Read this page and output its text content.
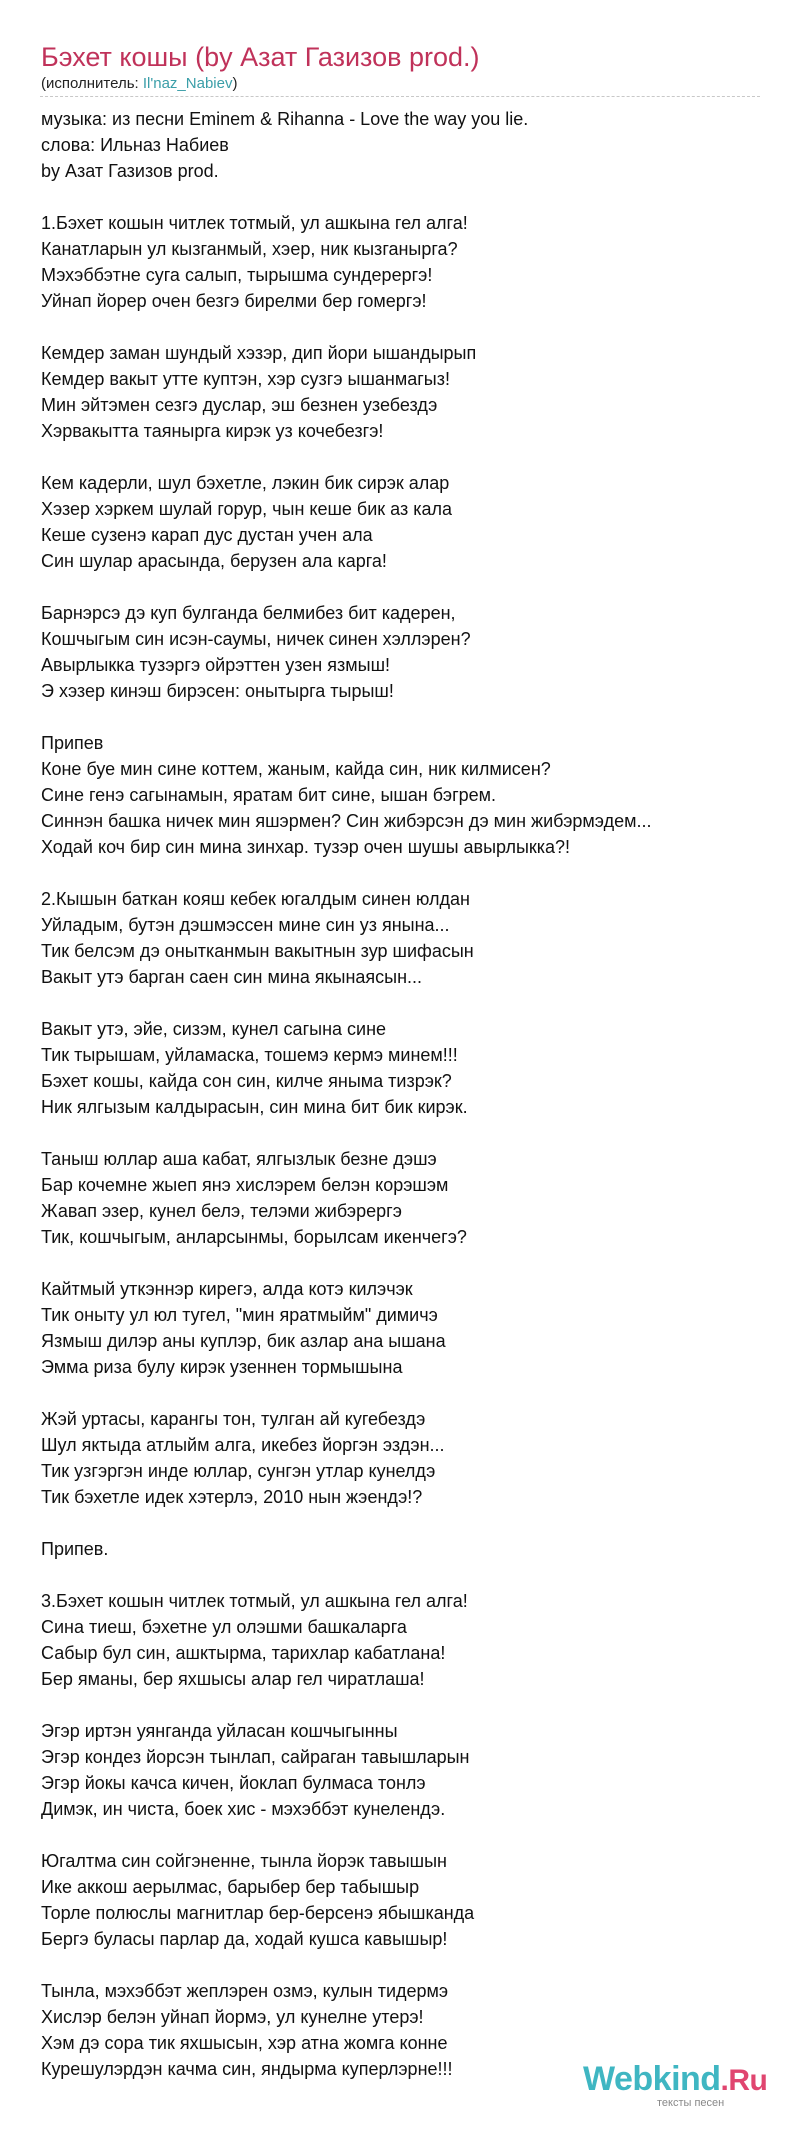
Бэхет кошы (by Азат Газизов prod.)
(исполнитель: Il'naz_Nabiev)
музыка: из песни Eminem & Rihanna - Love the way you lie.
слова: Ильназ Набиев
by Азат Газизов prod.

1.Бэхет кошын читлек тотмый, ул ашкына гел алга!
Канатларын ул кызганмый, хэер, ник кызганырга?
Мэхэббэтне суга салып, тырышма сундерергэ!
Уйнап йорер очен безгэ бирелми бер гомергэ!

Кемдер заман шундый хэзэр, дип йори ышандырып
Кемдер вакыт утте куптэн, хэр сузгэ ышанмагыз!
Мин эйтэмен сезгэ дуслар, эш безнен узебездэ
Хэрвакытта таянырга кирэк уз кочебезгэ!

Кем кадерли, шул бэхетле, лэкин бик сирэк алар
Хэзер хэркем шулай горур, чын кеше бик аз кала
Кеше сузенэ карап дус дустан учен ала
Син шулар арасында, берузен ала карга!

Барнэрсэ дэ куп булганда белмибез бит кадерен,
Кошчыгым син исэн-саумы, ничек синен хэллэрен?
Авырлыкка тузэргэ ойрэттен узен язмыш!
Э хэзер кинэш бирэсен: онытырга тырыш!

Припев
Коне буе мин сине коттем, жаным, кайда син, ник килмисен?
Сине генэ сагынамын, яратам бит сине, ышан бэгрем.
Синнэн башка ничек мин яшэрмен? Син жибэрсэн дэ мин жибэрмэдем...
Ходай коч бир син мина зинхар. тузэр очен шушы авырлыкка?!

2.Кышын баткан кояш кебек югалдым синен юлдан
Уйладым, бутэн дэшмэссен мине син уз янына...
Тик белсэм дэ онытканмын вакытнын зур шифасын
Вакыт утэ барган саен син мина якынаясын...

Вакыт утэ, эйе, сизэм, кунел сагына сине
Тик тырышам, уйламаска, тошемэ кермэ минем!!!
Бэхет кошы, кайда сон син, килче яныма тизрэк?
Ник ялгызым калдырасын, син мина бит бик кирэк.

Таныш юллар аша кабат, ялгызлык безне дэшэ
Бар кочемне жыеп янэ хислэрем белэн корэшэм
Жавап эзер, кунел белэ, телэми жибэрергэ
Тик, кошчыгым, анларсынмы, борылсам икенчегэ?

Кайтмый уткэннэр кирегэ, алда котэ килэчэк
Тик оныту ул юл тугел, "мин яратмыйм" димичэ
Язмыш дилэр аны куплэр, бик азлар ана ышана
Эмма риза булу кирэк узеннен тормышына

Жэй уртасы, карангы тон, тулган ай кугебездэ
Шул яктыда атлыйм алга, икебез йоргэн эздэн...
Тик узгэргэн инде юллар, сунгэн утлар кунелдэ
Тик бэхетле идек хэтерлэ, 2010 нын жэендэ!?

Припев.

3.Бэхет кошын читлек тотмый, ул ашкына гел алга!
Сина тиеш, бэхетне ул олэшми башкаларга
Сабыр бул син, ашктырма, тарихлар кабатлана!
Бер яманы, бер яхшысы алар гел чиратлаша!

Эгэр иртэн уянганда уйласан кошчыгынны
Эгэр кондез йорсэн тынлап, сайраган тавышларын
Эгэр йокы качса кичен, йоклап булмаса тонлэ
Димэк, ин чиста, боек хис - мэхэббэт кунелендэ.

Югалтма син сойгэненне, тынла йорэк тавышын
Ике аккош аерылмас, барыбер бер табышыр
Торле полюслы магнитлар бер-берсенэ ябышканда
Бергэ буласы парлар да, ходай кушса кавышыр!

Тынла, мэхэббэт жеплэрен озмэ, кулын тидермэ
Хислэр белэн уйнап йормэ, ул кунелне утерэ!
Хэм дэ сора тик яхшысын, хэр атна жомга конне
Курешулэрдэн качма син, яндырма куперлэрне!!!	Webkind.Ru
тексты песен
